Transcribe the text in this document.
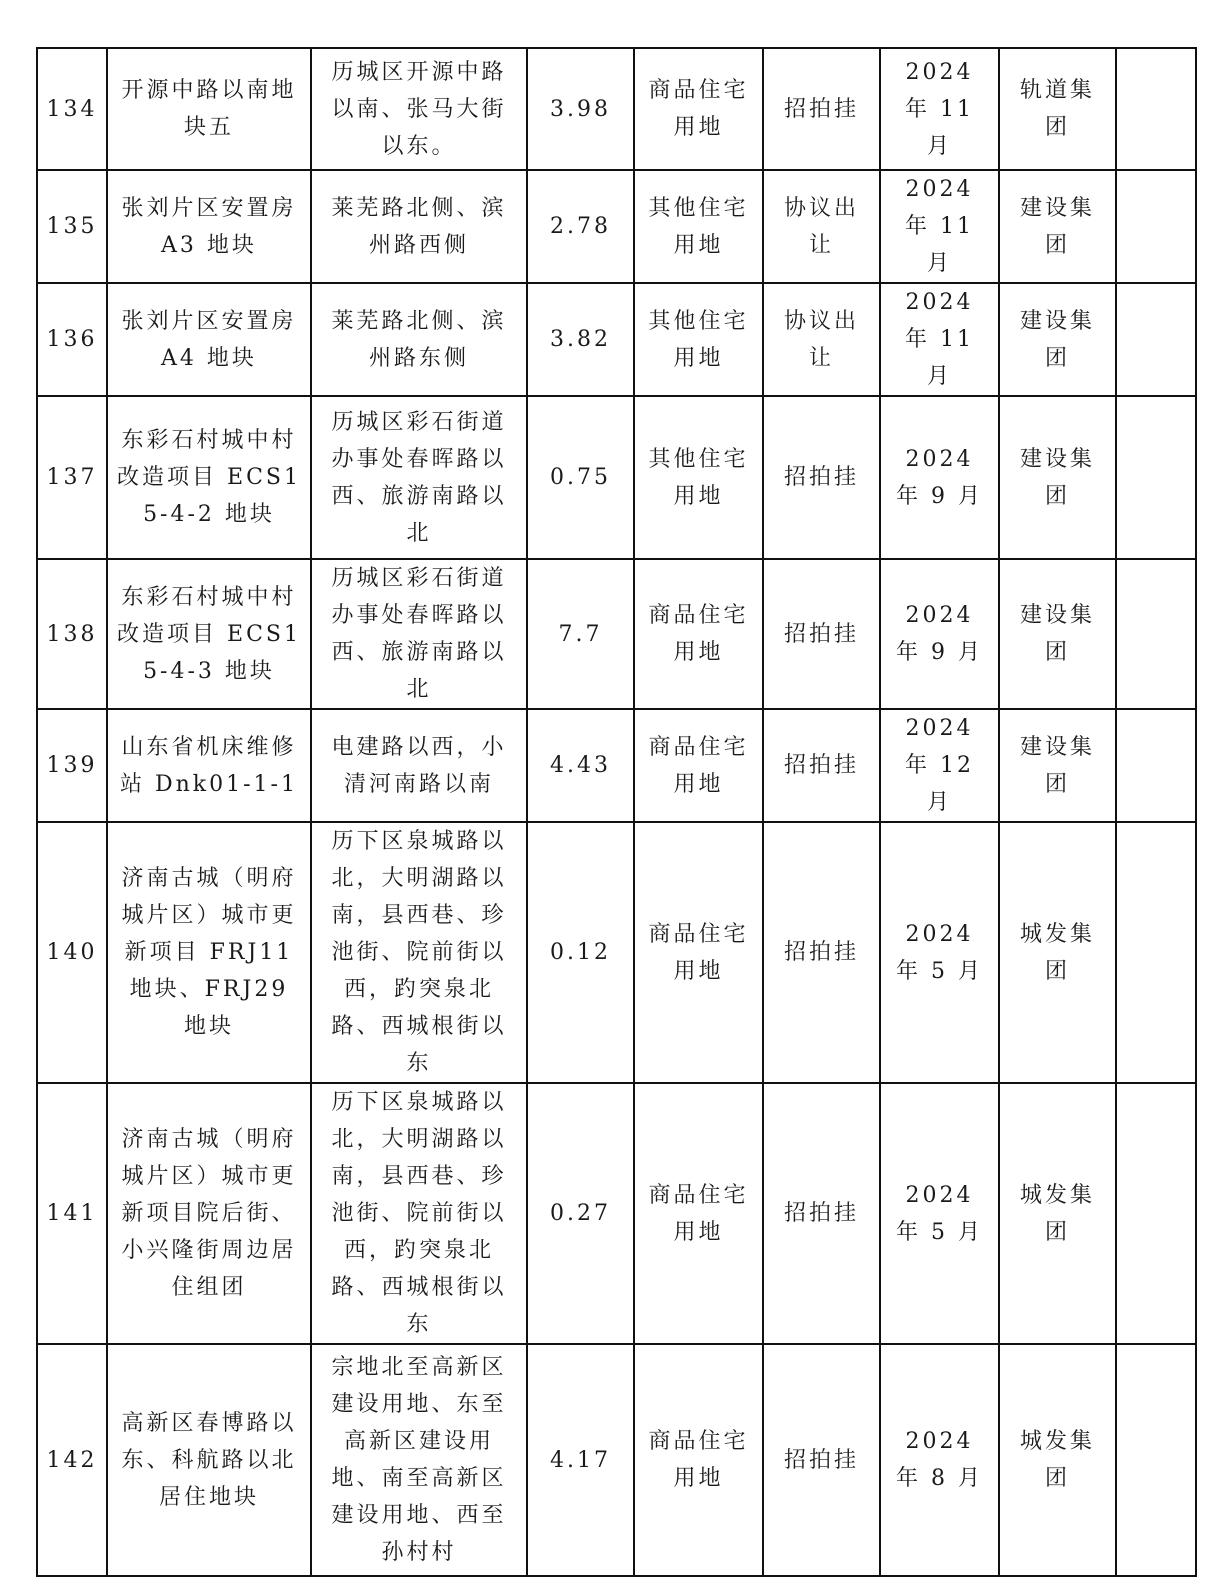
134	开源中路以南地块五	历城区开源中路以南、张马大街以东。	3.98	商品住宅用地	招拍挂	2024 年 11 月	轨道集团	
135	张刘片区安置房 A3 地块	莱芜路北侧、滨州路西侧	2.78	其他住宅用地	协议出让	2024 年 11 月	建设集团	
136	张刘片区安置房 A4 地块	莱芜路北侧、滨州路东侧	3.82	其他住宅用地	协议出让	2024 年 11 月	建设集团	
137	东彩石村城中村改造项目 ECS15-4-2 地块	历城区彩石街道办事处春晖路以西、旅游南路以北	0.75	其他住宅用地	招拍挂	2024 年 9 月	建设集团	
138	东彩石村城中村改造项目 ECS15-4-3 地块	历城区彩石街道办事处春晖路以西、旅游南路以北	7.7	商品住宅用地	招拍挂	2024 年 9 月	建设集团	
139	山东省机床维修站 Dnk01-1-1	电建路以西，小清河南路以南	4.43	商品住宅用地	招拍挂	2024 年 12 月	建设集团	
140	济南古城（明府城片区）城市更新项目 FRJ11 地块、FRJ29 地块	历下区泉城路以北，大明湖路以南，县西巷、珍池街、院前街以西，趵突泉北路、西城根街以东	0.12	商品住宅用地	招拍挂	2024 年 5 月	城发集团	
141	济南古城（明府城片区）城市更新项目院后街、小兴隆街周边居住组团	历下区泉城路以北，大明湖路以南，县西巷、珍池街、院前街以西，趵突泉北路、西城根街以东	0.27	商品住宅用地	招拍挂	2024 年 5 月	城发集团	
142	高新区春博路以东、科航路以北居住地块	宗地北至高新区建设用地、东至高新区建设用地、南至高新区建设用地、西至孙村村	4.17	商品住宅用地	招拍挂	2024 年 8 月	城发集团	
